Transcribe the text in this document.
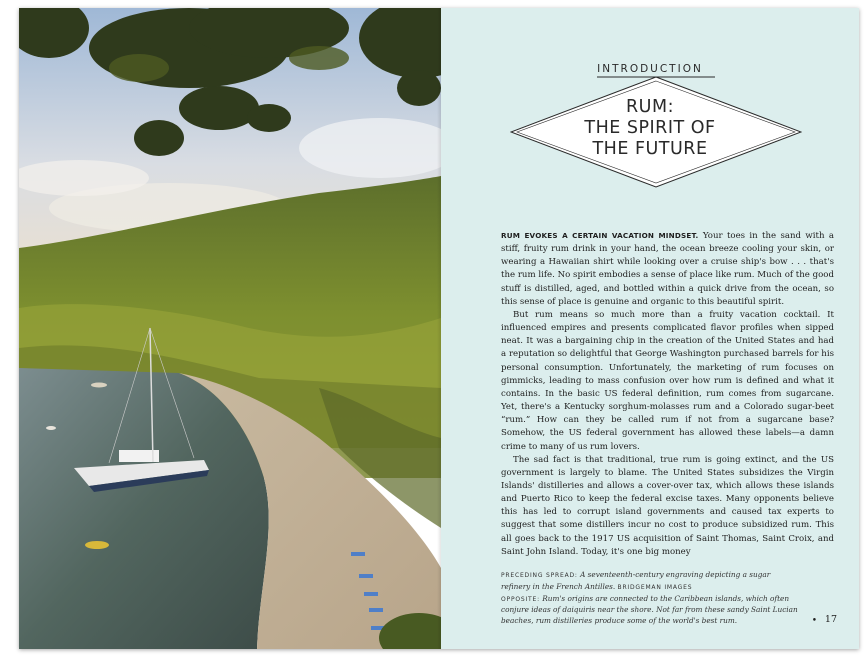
INTRODUCTION
RUM:
THE SPIRIT OF
THE FUTURE

RUM EVOKES A CERTAIN VACATION MINDSET. Your toes in the sand with a stiff, fruity rum drink in your hand, the ocean breeze cooling your skin, or wearing a Hawaiian shirt while looking over a cruise ship's bow . . . that's the rum life. No spirit embodies a sense of place like rum. Much of the good stuff is distilled, aged, and bottled within a quick drive from the ocean, so this sense of place is genuine and organic to this beautiful spirit.

But rum means so much more than a fruity vacation cocktail. It influenced empires and presents complicated flavor profiles when sipped neat. It was a bargaining chip in the creation of the United States and had a reputation so delightful that George Washington purchased barrels for his personal consumption. Unfortunately, the marketing of rum focuses on gimmicks, leading to mass confusion over how rum is defined and what it contains. In the basic US federal definition, rum comes from sugarcane. Yet, there's a Kentucky sorghum-molasses rum and a Colorado sugar-beet “rum.” How can they be called rum if not from a sugarcane base? Somehow, the US federal government has allowed these labels—a damn crime to many of us rum lovers.

The sad fact is that traditional, true rum is going extinct, and the US government is largely to blame. The United States subsidizes the Virgin Islands' distilleries and allows a cover-over tax, which allows these islands and Puerto Rico to keep the federal excise taxes. Many opponents believe this has led to corrupt island governments and caused tax experts to suggest that some distillers incur no cost to produce subsidized rum. This all goes back to the 1917 US acquisition of Saint Thomas, Saint Croix, and Saint John Island. Today, it's one big money

PRECEDING SPREAD: A seventeenth-century engraving depicting a sugar refinery in the French Antilles. BRIDGEMAN IMAGES
OPPOSITE: Rum's origins are connected to the Caribbean islands, which often conjure ideas of daiquiris near the shore. Not far from these sandy Saint Lucian beaches, rum distilleries produce some of the world's best rum.	• 17
